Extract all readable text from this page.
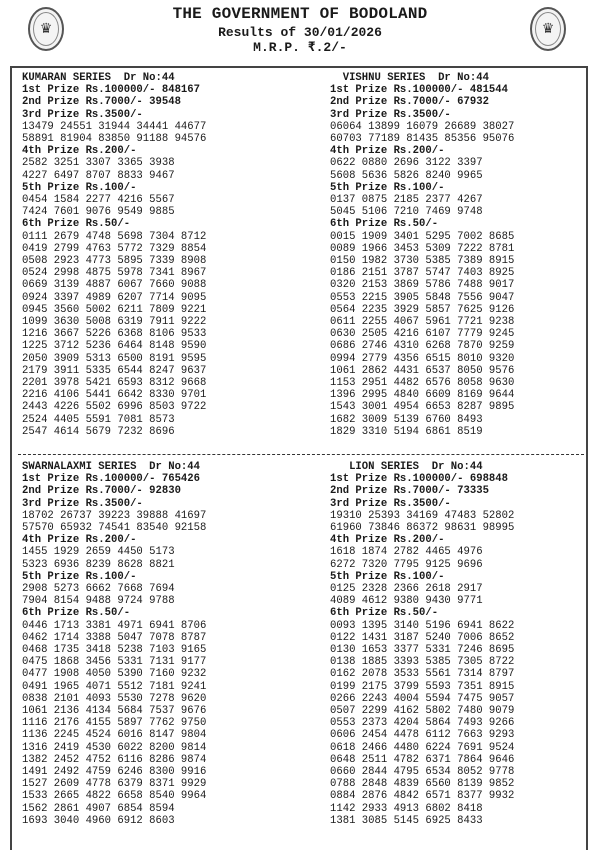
♛
THE GOVERNMENT OF BODOLAND
Results of 30/01/2026
M.R.P. ₹.2/-
♛
KUMARAN SERIES  Dr No:44
1st Prize Rs.100000/- 848167
2nd Prize Rs.7000/- 39548
3rd Prize Rs.3500/-
13479 24551 31944 34441 44677
58891 81904 83850 91188 94576
4th Prize Rs.200/-
2582 3251 3307 3365 3938
4227 6497 8707 8833 9467
5th Prize Rs.100/-
0454 1584 2277 4216 5567
7424 7601 9076 9549 9885
6th Prize Rs.50/-
0111 2679 4748 5698 7304 8712
0419 2799 4763 5772 7329 8854
0508 2923 4773 5895 7339 8908
0524 2998 4875 5978 7341 8967
0669 3139 4887 6067 7660 9088
0924 3397 4989 6207 7714 9095
0945 3560 5002 6211 7809 9221
1099 3630 5008 6319 7911 9222
1216 3667 5226 6368 8106 9533
1225 3712 5236 6464 8148 9590
2050 3909 5313 6500 8191 9595
2179 3911 5335 6544 8247 9637
2201 3978 5421 6593 8312 9668
2216 4106 5441 6642 8330 9701
2443 4226 5502 6996 8503 9722
2524 4405 5591 7081 8573
2547 4614 5679 7232 8696
VISHNU SERIES  Dr No:44
1st Prize Rs.100000/- 481544
2nd Prize Rs.7000/- 67932
3rd Prize Rs.3500/-
06064 13899 16079 26689 38027
60703 77189 81435 85356 95076
4th Prize Rs.200/-
0622 0880 2696 3122 3397
5608 5636 5826 8240 9965
5th Prize Rs.100/-
0137 0875 2185 2377 4267
5045 5106 7210 7469 9748
6th Prize Rs.50/-
0015 1909 3401 5295 7002 8685
0089 1966 3453 5309 7222 8781
0150 1982 3730 5385 7389 8915
0186 2151 3787 5747 7403 8925
0320 2153 3869 5786 7488 9017
0553 2215 3905 5848 7556 9047
0564 2235 3929 5857 7625 9126
0611 2255 4067 5961 7721 9238
0630 2505 4216 6107 7779 9245
0686 2746 4310 6268 7870 9259
0994 2779 4356 6515 8010 9320
1061 2862 4431 6537 8050 9576
1153 2951 4482 6576 8058 9630
1396 2995 4840 6609 8169 9644
1543 3001 4954 6653 8287 9895
1682 3009 5139 6760 8493
1829 3310 5194 6861 8519
SWARNALAXMI SERIES  Dr No:44
1st Prize Rs.100000/- 765426
2nd Prize Rs.7000/- 92830
3rd Prize Rs.3500/-
18702 26737 39223 39888 41697
57570 65932 74541 83540 92158
4th Prize Rs.200/-
1455 1929 2659 4450 5173
5323 6936 8239 8628 8821
5th Prize Rs.100/-
2908 5273 6662 7668 7694
7904 8154 9488 9724 9788
6th Prize Rs.50/-
0446 1713 3381 4971 6941 8706
0462 1714 3388 5047 7078 8787
0468 1735 3418 5238 7103 9165
0475 1868 3456 5331 7131 9177
0477 1908 4050 5390 7160 9232
0491 1965 4071 5512 7181 9241
0838 2101 4093 5530 7278 9620
1061 2136 4134 5684 7537 9676
1116 2176 4155 5897 7762 9750
1136 2245 4524 6016 8147 9804
1316 2419 4530 6022 8200 9814
1382 2452 4752 6116 8286 9874
1491 2492 4759 6246 8300 9916
1527 2609 4778 6379 8371 9929
1533 2665 4822 6658 8540 9964
1562 2861 4907 6854 8594
1693 3040 4960 6912 8603
LION SERIES  Dr No:44
1st Prize Rs.100000/- 698848
2nd Prize Rs.7000/- 73335
3rd Prize Rs.3500/-
19310 25393 34169 47483 52802
61960 73846 86372 98631 98995
4th Prize Rs.200/-
1618 1874 2782 4465 4976
6272 7320 7795 9125 9696
5th Prize Rs.100/-
0125 2328 2366 2618 2917
4089 4612 9380 9430 9771
6th Prize Rs.50/-
0093 1395 3140 5196 6941 8622
0122 1431 3187 5240 7006 8652
0130 1653 3377 5331 7246 8695
0138 1885 3393 5385 7305 8722
0162 2078 3533 5561 7314 8797
0199 2175 3799 5593 7351 8915
0266 2243 4004 5594 7475 9057
0507 2299 4162 5802 7480 9079
0553 2373 4204 5864 7493 9266
0606 2454 4478 6112 7663 9293
0618 2466 4480 6224 7691 9524
0648 2511 4782 6371 7864 9646
0660 2844 4795 6534 8052 9778
0788 2848 4839 6560 8139 9852
0884 2876 4842 6571 8377 9932
1142 2933 4913 6802 8418
1381 3085 5145 6925 8433
